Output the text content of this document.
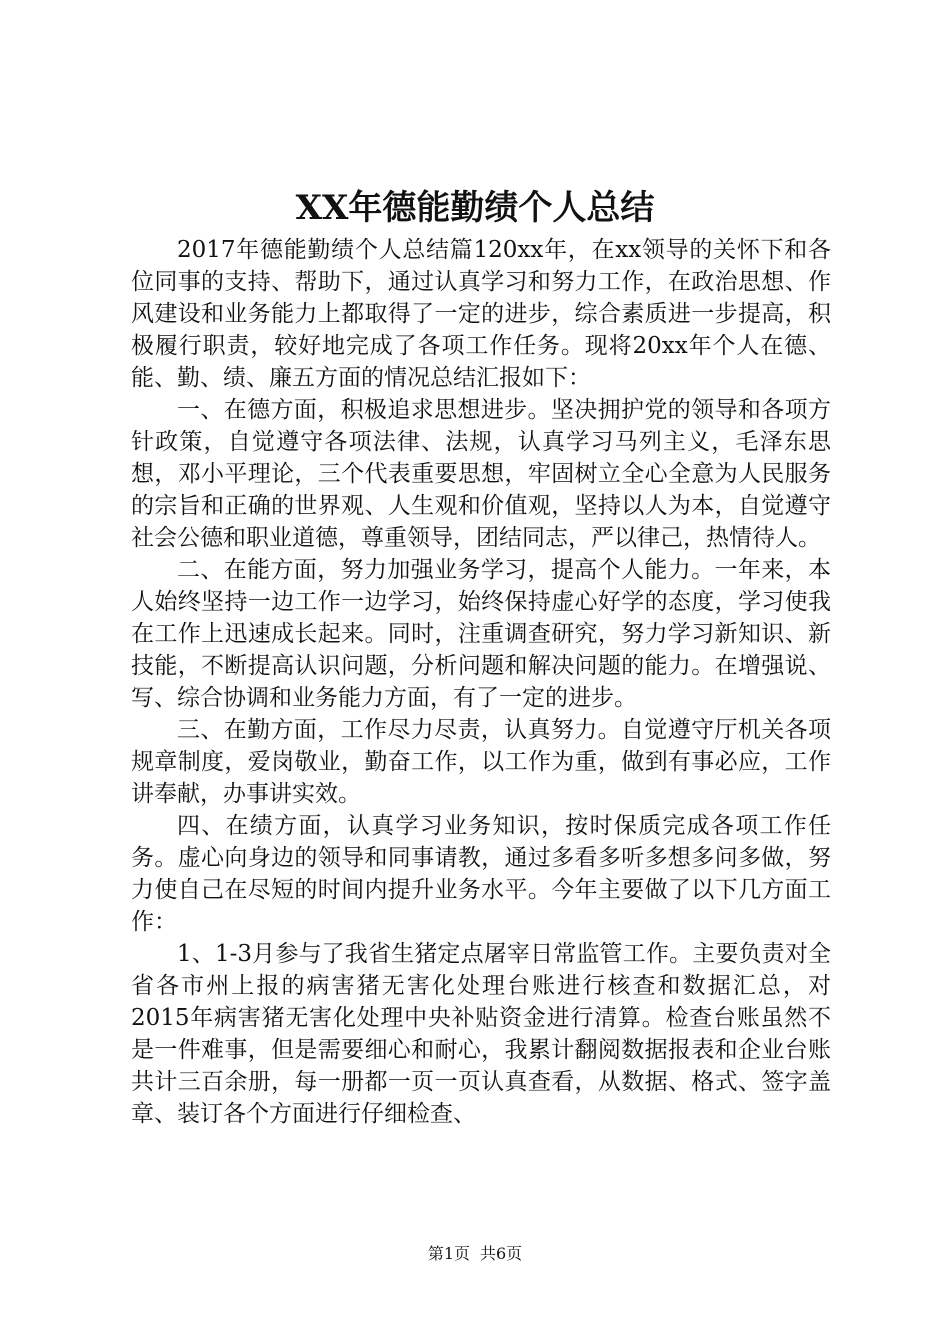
XX年德能勤绩个人总结

2017年德能勤绩个人总结篇120xx年，在xx领导的关怀下和各位同事的支持、帮助下，通过认真学习和努力工作，在政治思想、作风建设和业务能力上都取得了一定的进步，综合素质进一步提高，积极履行职责，较好地完成了各项工作任务。现将20xx年个人在德、能、勤、绩、廉五方面的情况总结汇报如下：

一、在德方面，积极追求思想进步。坚决拥护党的领导和各项方针政策，自觉遵守各项法律、法规，认真学习马列主义，毛泽东思想，邓小平理论，三个代表重要思想，牢固树立全心全意为人民服务的宗旨和正确的世界观、人生观和价值观，坚持以人为本，自觉遵守社会公德和职业道德，尊重领导，团结同志，严以律己，热情待人。

二、在能方面，努力加强业务学习，提高个人能力。一年来，本人始终坚持一边工作一边学习，始终保持虚心好学的态度，学习使我在工作上迅速成长起来。同时，注重调查研究，努力学习新知识、新技能，不断提高认识问题，分析问题和解决问题的能力。在增强说、写、综合协调和业务能力方面，有了一定的进步。

三、在勤方面，工作尽力尽责，认真努力。自觉遵守厅机关各项规章制度，爱岗敬业，勤奋工作，以工作为重，做到有事必应，工作讲奉献，办事讲实效。

四、在绩方面，认真学习业务知识，按时保质完成各项工作任务。虚心向身边的领导和同事请教，通过多看多听多想多问多做，努力使自己在尽短的时间内提升业务水平。今年主要做了以下几方面工作：

1、1-3月参与了我省生猪定点屠宰日常监管工作。主要负责对全省各市州上报的病害猪无害化处理台账进行核查和数据汇总，对2015年病害猪无害化处理中央补贴资金进行清算。检查台账虽然不是一件难事，但是需要细心和耐心，我累计翻阅数据报表和企业台账共计三百余册，每一册都一页一页认真查看，从数据、格式、签字盖章、装订各个方面进行仔细检查、

第1页 共6页
